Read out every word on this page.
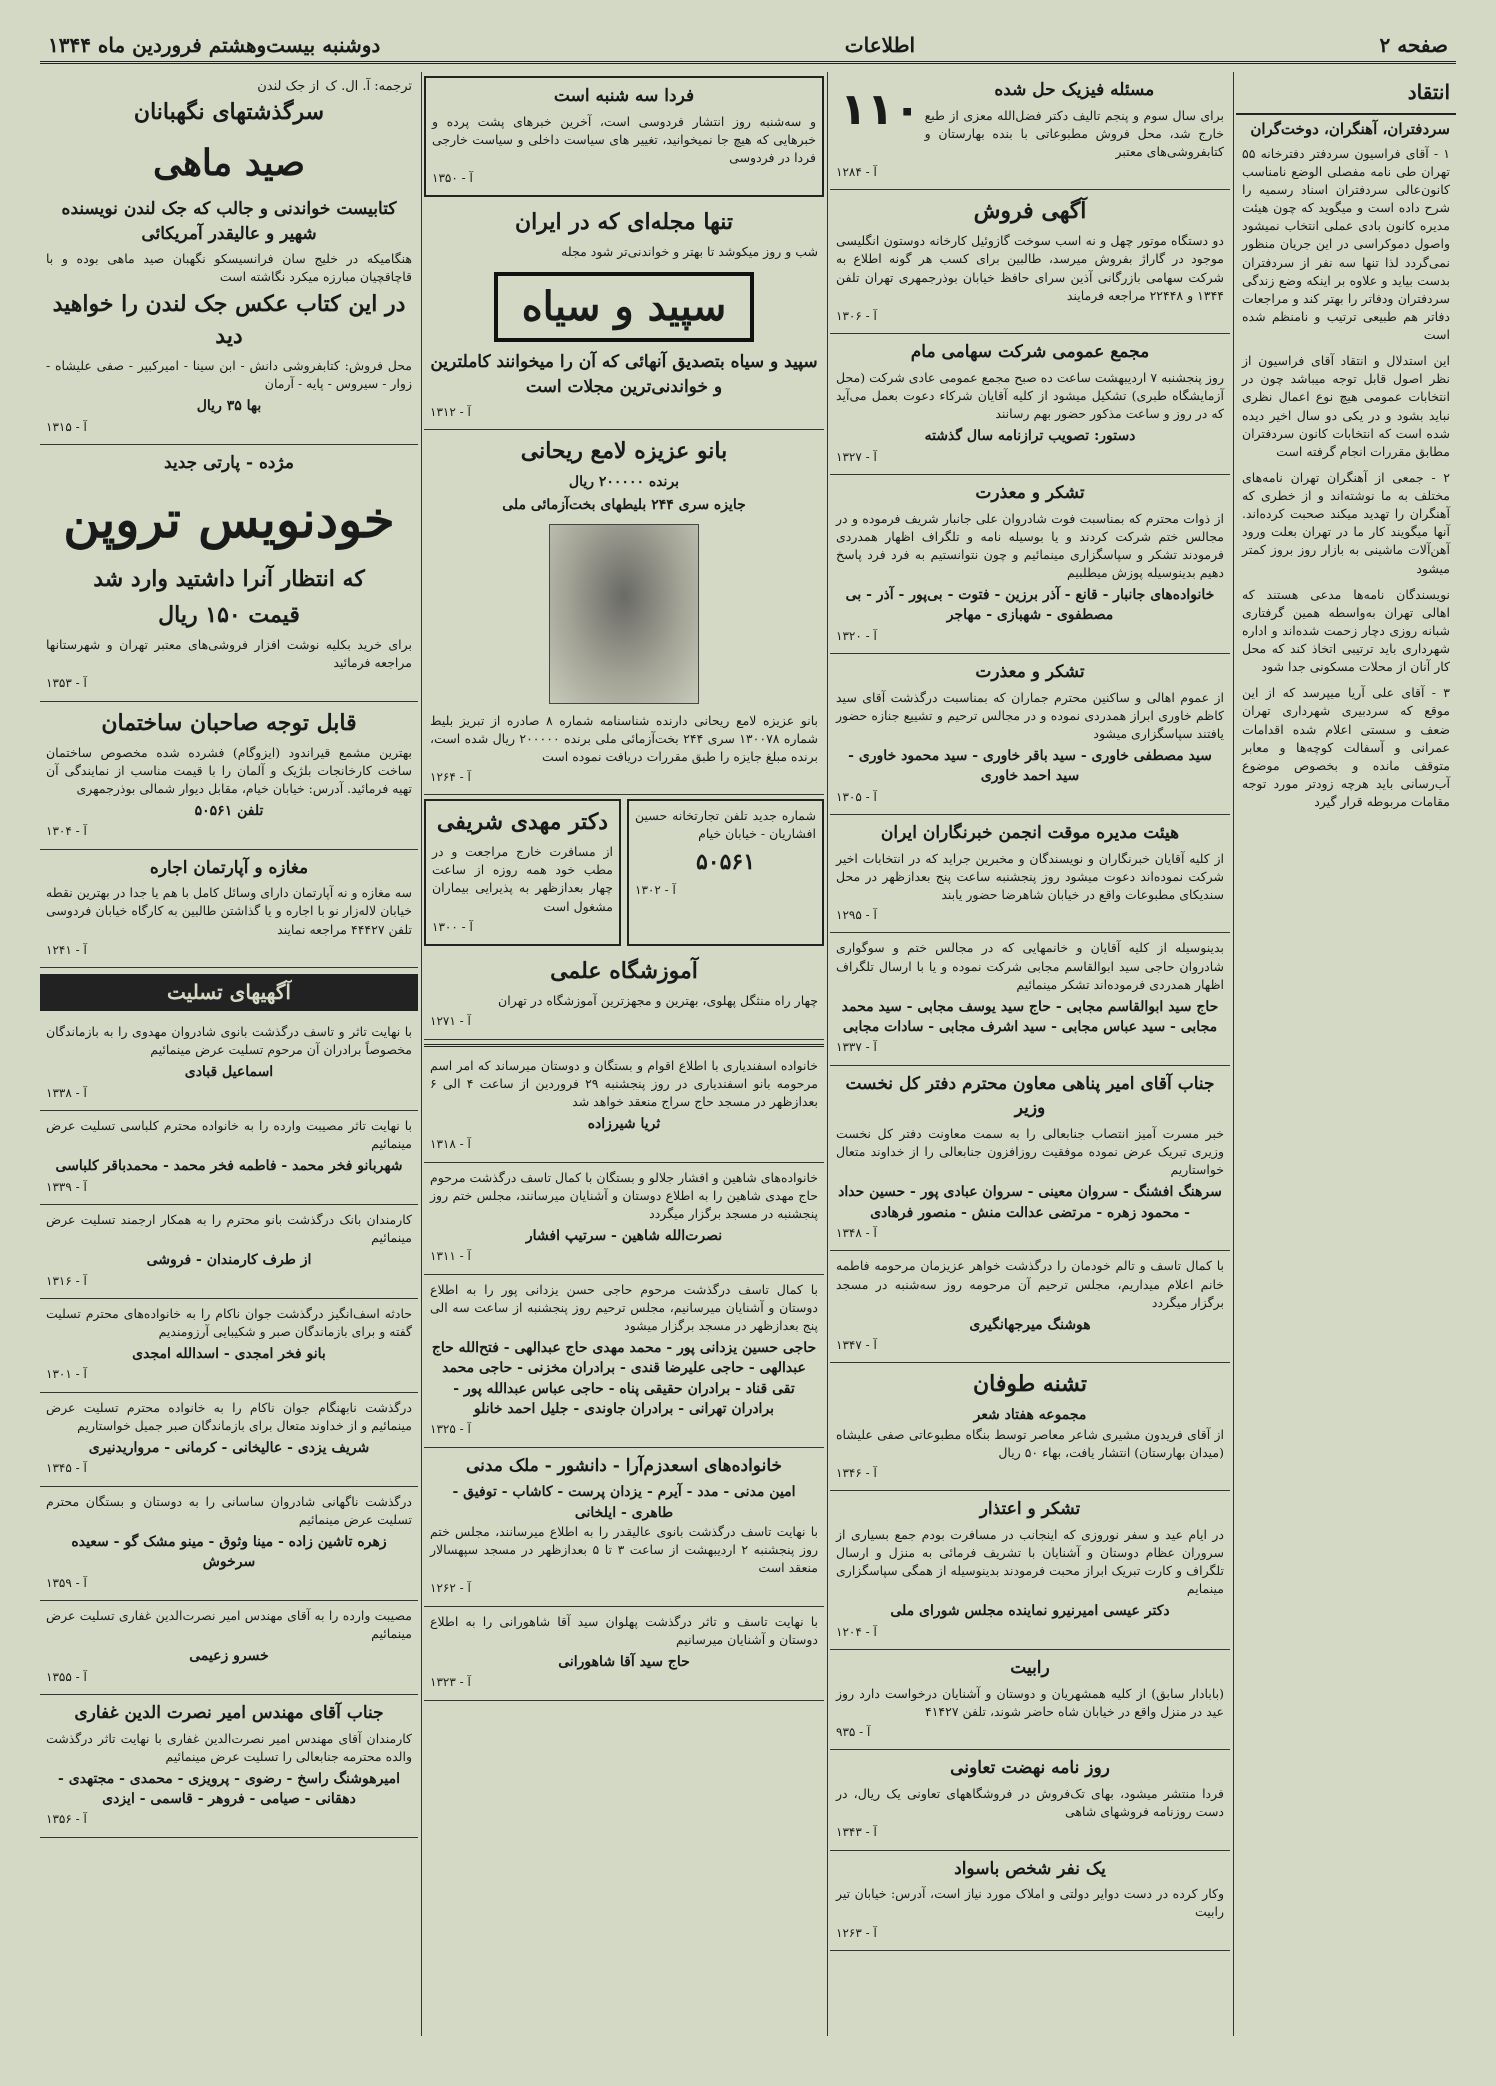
صفحه ۲
اطلاعات
دوشنبه بیست‌وهشتم فروردین ماه ۱۳۴۴
انتقاد
سردفتران، آهنگران، دوخت‌گران

۱ - آقای فراسیون سردفتر دفترخانه ۵۵ تهران طی نامه مفصلی الوضع نامناسب کانون‌عالی سردفتران اسناد رسمیه را شرح داده است و میگوید که چون هیئت مدیره کانون بادی عملی انتخاب نمیشود واصول دموکراسی در این جریان منظور نمی‌گردد لذا تنها سه نفر از سردفتران بدست بیاید و علاوه بر اینکه وضع زندگی سردفتران ودفاتر را بهتر کند و مراجعات دفاتر هم طبیعی ترتیب و نامنظم شده است

این استدلال و انتقاد آقای فراسیون از نظر اصول قابل توجه میباشد چون در انتخابات عمومی هیچ نوع اعمال نظری نباید بشود و در یکی دو سال اخیر دیده شده است که انتخابات کانون سردفتران مطابق مقررات انجام گرفته است

۲ - جمعی از آهنگران تهران نامه‌های مختلف به ما نوشته‌اند و از خطری که آهنگران را تهدید میکند صحبت کرده‌اند. آنها میگویند کار ما در تهران بعلت ورود آهن‌آلات ماشینی به بازار روز بروز کمتر میشود

نویسندگان نامه‌ها مدعی هستند که اهالی تهران به‌واسطه همین گرفتاری شبانه روزی دچار زحمت شده‌اند و اداره شهرداری باید ترتیبی اتخاذ کند که محل کار آنان از محلات مسکونی جدا شود

۳ - آقای علی آریا میپرسد که از این موقع که سردبیری شهرداری تهران ضعف و سستی اعلام شده اقدامات عمرانی و آسفالت کوچه‌ها و معابر متوقف مانده و بخصوص موضوع آب‌رسانی باید هرچه زودتر مورد توجه مقامات مربوطه قرار گیرد

۱۱۰	مسئله فیزیک حل شده

برای سال سوم و پنجم تالیف دکتر فضل‌الله معزی از طبع خارج شد، محل فروش مطبوعاتی با بنده بهارستان و کتابفروشی‌های معتبر

آ - ۱۲۸۴
آگهی فروش

دو دستگاه موتور چهل و نه اسب سوخت گازوئیل کارخانه دوستون انگلیسی موجود در گاراژ بفروش میرسد، طالبین برای کسب هر گونه اطلاع به شرکت سهامی بازرگانی آذین سرای حافظ خیابان بوذرجمهری تهران تلفن ۱۳۴۴ و ۲۲۴۴۸ مراجعه فرمایند

آ - ۱۳۰۶
مجمع عمومی شرکت سهامی مام

روز پنجشنبه ۷ اردیبهشت ساعت ده صبح مجمع عمومی عادی شرکت (محل آزمایشگاه طبری) تشکیل میشود از کلیه آقایان شرکاء دعوت بعمل می‌آید که در روز و ساعت مذکور حضور بهم رسانند

دستور: تصویب ترازنامه سال گذشته
آ - ۱۳۲۷
تشکر و معذرت

از ذوات محترم که بمناسبت فوت شادروان علی جانبار شریف فرموده و در مجالس ختم شرکت کردند و یا بوسیله نامه و تلگراف اظهار همدردی فرمودند تشکر و سپاسگزاری مینمائیم و چون نتوانستیم به فرد فرد پاسخ دهیم بدینوسیله پوزش میطلبیم

خانواده‌های جانبار - قانع - آذر برزین - فتوت - بی‌پور - آذر - بی مصطفوی - شهبازی - مهاجر
آ - ۱۳۲۰
تشکر و معذرت

از عموم اهالی و ساکنین محترم جماران که بمناسبت درگذشت آقای سید کاظم خاوری ابراز همدردی نموده و در مجالس ترحیم و تشییع جنازه حضور یافتند سپاسگزاری میشود

سید مصطفی خاوری - سید باقر خاوری - سید محمود خاوری - سید احمد خاوری
آ - ۱۳۰۵
هیئت مدیره موقت انجمن خبرنگاران ایران

از کلیه آقایان خبرنگاران و نویسندگان و مخبرین جراید که در انتخابات اخیر شرکت نموده‌اند دعوت میشود روز پنجشنبه ساعت پنج بعدازظهر در محل سندیکای مطبوعات واقع در خیابان شاهرضا حضور یابند

آ - ۱۲۹۵

بدینوسیله از کلیه آقایان و خانمهایی که در مجالس ختم و سوگواری شادروان حاجی سید ابوالقاسم مجابی شرکت نموده و یا با ارسال تلگراف اظهار همدردی فرموده‌اند تشکر مینمائیم

حاج سید ابوالقاسم مجابی - حاج سید یوسف مجابی - سید محمد مجابی - سید عباس مجابی - سید اشرف مجابی - سادات مجابی
آ - ۱۳۳۷
جناب آقای امیر پناهی معاون محترم دفتر کل نخست وزیر

خبر مسرت آمیز انتصاب جنابعالی را به سمت معاونت دفتر کل نخست وزیری تبریک عرض نموده موفقیت روزافزون جنابعالی را از خداوند متعال خواستاریم

سرهنگ افشنگ - سروان معینی - سروان عبادی پور - حسین حداد - محمود زهره - مرتضی عدالت منش - منصور فرهادی
آ - ۱۳۴۸

با کمال تاسف و تالم خودمان را درگذشت خواهر عزیزمان مرحومه فاطمه خانم اعلام میداریم، مجلس ترحیم آن مرحومه روز سه‌شنبه در مسجد برگزار میگردد

هوشنگ میرجهانگیری
آ - ۱۳۴۷
تشنه طوفان
مجموعه هفتاد شعر

از آقای فریدون مشیری شاعر معاصر توسط بنگاه مطبوعاتی صفی علیشاه (میدان بهارستان) انتشار یافت، بهاء ۵۰ ریال

آ - ۱۳۴۶
تشکر و اعتذار

در ایام عید و سفر نوروزی که اینجانب در مسافرت بودم جمع بسیاری از سروران عظام دوستان و آشنایان با تشریف فرمائی به منزل و ارسال تلگراف و کارت تبریک ابراز محبت فرمودند بدینوسیله از همگی سپاسگزاری مینمایم

دکتر عیسی امیرنیرو نماینده مجلس شورای ملی
آ - ۱۲۰۴
رابیت

(بابادار سابق) از کلیه همشهریان و دوستان و آشنایان درخواست دارد روز عید در منزل واقع در خیابان شاه حاضر شوند، تلفن ۴۱۴۲۷

آ - ۹۳۵
روز نامه نهضت تعاونی

فردا منتشر میشود، بهای تک‌فروش در فروشگاههای تعاونی یک ریال، در دست روزنامه فروشهای شاهی

آ - ۱۳۴۳
یک نفر شخص باسواد

وکار کرده در دست دوایر دولتی و املاک مورد نیاز است، آدرس: خیابان تیر رابیت

آ - ۱۲۶۳
فردا سه شنبه است

و سه‌شنبه روز انتشار فردوسی است، آخرین خبرهای پشت پرده و خبرهایی که هیچ جا نمیخوانید، تغییر های سیاست داخلی و سیاست خارجی فردا در فردوسی

آ - ۱۳۵۰
تنها مجله‌ای که در ایران

شب و روز میکوشد تا بهتر و خواندنی‌تر شود مجله

سپید و سیاه
سپید و سیاه بتصدیق آنهائی که آن را میخوانند کاملترین و خواندنی‌ترین مجلات است
آ - ۱۳۱۲
بانو عزیزه لامع ریحانی
برنده ۲۰۰۰۰۰ ریال
جایزه سری ۲۴۴ بلیطهای بخت‌آزمائی ملی

بانو عزیزه لامع ریحانی دارنده شناسنامه شماره ۸ صادره از تبریز بلیط شماره ۱۳۰۰۷۸ سری ۲۴۴ بخت‌آزمائی ملی برنده ۲۰۰۰۰۰ ریال شده است، برنده مبلغ جایزه را طبق مقررات دریافت نموده است

آ - ۱۲۶۴

شماره جدید تلفن تجارتخانه حسین افشاریان - خیابان خیام

۵۰۵۶۱
آ - ۱۳۰۲
دکتر مهدی شریفی

از مسافرت خارج مراجعت و در مطب خود همه روزه از ساعت چهار بعدازظهر به پذیرایی بیماران مشغول است

آ - ۱۳۰۰
آموزشگاه علمی

چهار راه منثگل پهلوی، بهترین و مجهزترین آموزشگاه در تهران

آ - ۱۲۷۱

خانواده اسفندیاری با اطلاع اقوام و بستگان و دوستان میرساند که امر اسم مرحومه بانو اسفندیاری در روز پنجشنبه ۲۹ فروردین از ساعت ۴ الی ۶ بعدازظهر در مسجد حاج سراج منعقد خواهد شد

ثریا شیرزاده
آ - ۱۳۱۸

خانواده‌های شاهین و افشار جلالو و بستگان با کمال تاسف درگذشت مرحوم حاج مهدی شاهین را به اطلاع دوستان و آشنایان میرسانند، مجلس ختم روز پنجشنبه در مسجد برگزار میگردد

نصرت‌الله شاهین - سرتیپ افشار
آ - ۱۳۱۱

با کمال تاسف درگذشت مرحوم حاجی حسن یزدانی پور را به اطلاع دوستان و آشنایان میرسانیم، مجلس ترحیم روز پنجشنبه از ساعت سه الی پنج بعدازظهر در مسجد برگزار میشود

حاجی حسین یزدانی پور - محمد مهدی حاج عبدالهی - فتح‌الله حاج عبدالهی - حاجی علیرضا قندی - برادران مخزنی - حاجی محمد تقی قناد - برادران حقیقی پناه - حاجی عباس عبدالله پور - برادران تهرانی - برادران جاوندی - جلیل احمد خانلو
آ - ۱۳۲۵
خانواده‌های اسعدزم‌آرا - دانشور - ملک مدنی
امین مدنی - مدد - آیرم - یزدان پرست - کاشاب - توفیق - طاهری - ایلخانی

با نهایت تاسف درگذشت بانوی عالیقدر را به اطلاع میرسانند، مجلس ختم روز پنجشنبه ۲ اردیبهشت از ساعت ۳ تا ۵ بعدازظهر در مسجد سپهسالار منعقد است

آ - ۱۲۶۲

با نهایت تاسف و تاثر درگذشت پهلوان سید آقا شاهورانی را به اطلاع دوستان و آشنایان میرسانیم

حاج سید آقا شاهورانی
آ - ۱۳۲۳
ترجمه: آ. ال. ک
از جک لندن
سرگذشتهای نگهبانان
صید ماهی
کتابیست خواندنی و جالب که جک لندن نویسنده شهیر و عالیقدر آمریکائی

هنگامیکه در خلیج سان فرانسیسکو نگهبان صید ماهی بوده و با قاچاقچیان مبارزه میکرد نگاشته است

در این کتاب عکس جک لندن را خواهید دید

محل فروش: کتابفروشی دانش - ابن سینا - امیرکبیر - صفی علیشاه - زوار - سیروس - پایه - آرمان

بها ۳۵ ریال
آ - ۱۳۱۵
مژده - پارتی جدید
خودنویس تروپن
که انتظار آنرا داشتید وارد شد
قیمت ۱۵۰ ریال

برای خرید بکلیه نوشت افزار فروشی‌های معتبر تهران و شهرستانها مراجعه فرمائید

آ - ۱۳۵۳
قابل توجه صاحبان ساختمان

بهترین مشمع قیراندود (ایزوگام) فشرده شده مخصوص ساختمان ساخت کارخانجات بلژیک و آلمان را با قیمت مناسب از نمایندگی آن تهیه فرمائید. آدرس: خیابان خیام، مقابل دیوار شمالی بوذرجمهری

تلفن ۵۰۵۶۱
آ - ۱۳۰۴
مغازه و آپارتمان اجاره

سه مغازه و نه آپارتمان دارای وسائل کامل با هم یا جدا در بهترین نقطه خیابان لاله‌زار نو با اجاره و یا گذاشتن طالبین به کارگاه خیابان فردوسی تلفن ۴۴۴۲۷ مراجعه نمایند

آ - ۱۲۴۱
آگهیهای تسلیت

با نهایت تاثر و تاسف درگذشت بانوی شادروان مهدوی را به بازماندگان مخصوصاً برادران آن مرحوم تسلیت عرض مینمائیم

اسماعیل قبادی
آ - ۱۳۳۸

با نهایت تاثر مصیبت وارده را به خانواده محترم کلباسی تسلیت عرض مینمائیم

شهربانو فخر محمد - فاطمه فخر محمد - محمدباقر کلباسی
آ - ۱۳۳۹

کارمندان بانک درگذشت بانو محترم را به همکار ارجمند تسلیت عرض مینمائیم

از طرف کارمندان - فروشی
آ - ۱۳۱۶

حادثه اسف‌انگیز درگذشت جوان ناکام را به خانواده‌های محترم تسلیت گفته و برای بازماندگان صبر و شکیبایی آرزومندیم

بانو فخر امجدی - اسدالله امجدی
آ - ۱۳۰۱

درگذشت نابهنگام جوان ناکام را به خانواده محترم تسلیت عرض مینمائیم و از خداوند متعال برای بازماندگان صبر جمیل خواستاریم

شریف یزدی - عالیخانی - کرمانی - مرواریدنیری
آ - ۱۳۴۵

درگذشت ناگهانی شادروان ساسانی را به دوستان و بستگان محترم تسلیت عرض مینمائیم

زهره تاشین زاده - مینا وثوق - مینو مشک گو - سعیده سرخوش
آ - ۱۳۵۹

مصیبت وارده را به آقای مهندس امیر نصرت‌الدین غفاری تسلیت عرض مینمائیم

خسرو زعیمی
آ - ۱۳۵۵
جناب آقای مهندس امیر نصرت الدین غفاری

کارمندان آقای مهندس امیر نصرت‌الدین غفاری با نهایت تاثر درگذشت والده محترمه جنابعالی را تسلیت عرض مینمائیم

امیرهوشنگ راسخ - رضوی - پرویزی - محمدی - مجتهدی - دهقانی - صیامی - فروهر - قاسمی - ایزدی
آ - ۱۳۵۶
